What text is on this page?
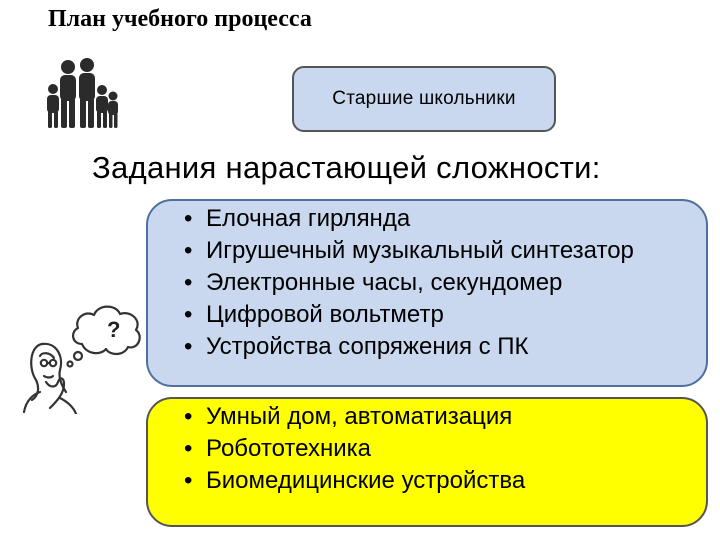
План учебного процесса
Старшие школьники
Задания нарастающей сложности:
?
• Елочная гирлянда
• Игрушечный музыкальный синтезатор
• Электронные часы, секундомер
• Цифровой вольтметр
• Устройства сопряжения с ПК
• Умный дом, автоматизация
• Робототехника
• Биомедицинские устройства
